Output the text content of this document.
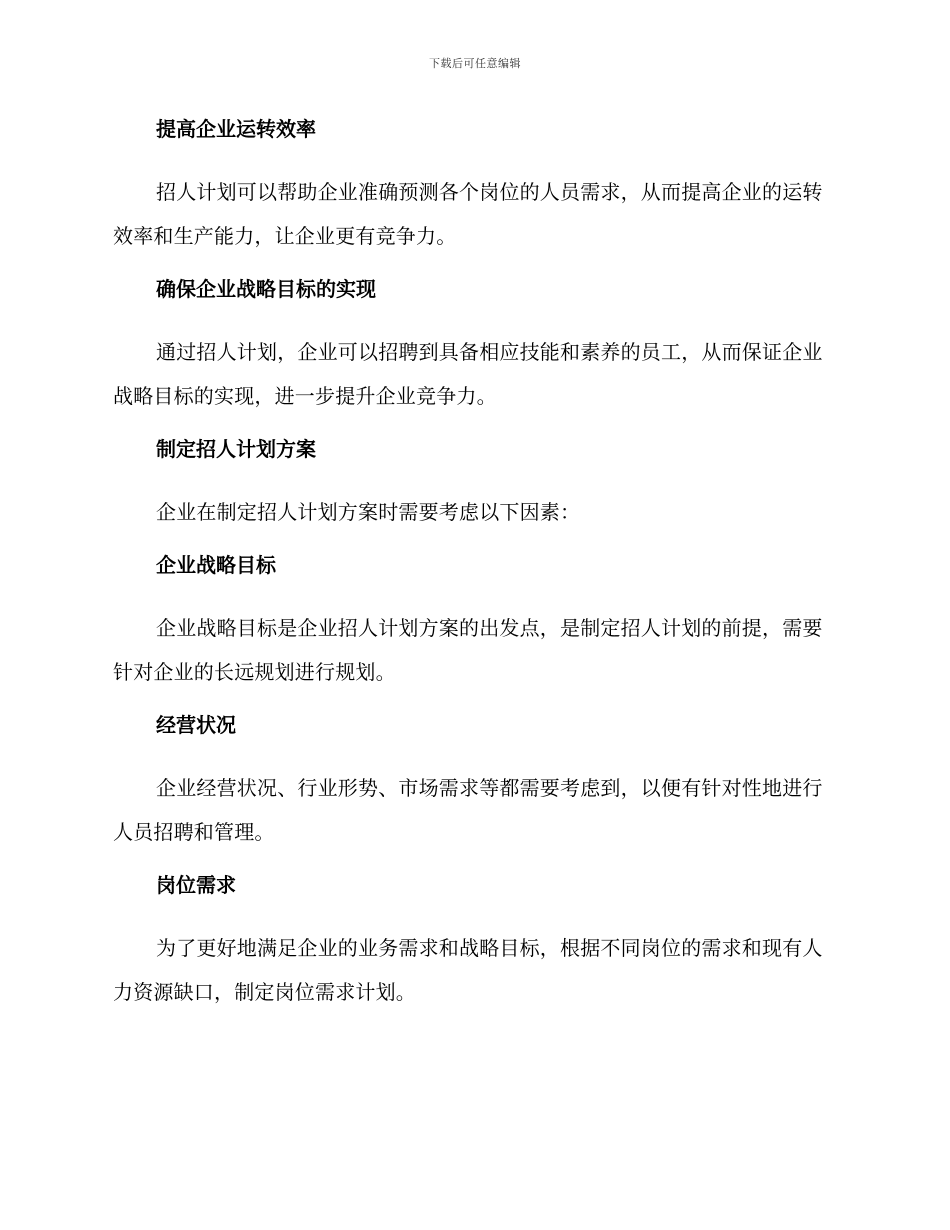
下载后可任意编辑
提高企业运转效率
招人计划可以帮助企业准确预测各个岗位的人员需求，从而提高企业的运转效率和生产能力，让企业更有竞争力。
确保企业战略目标的实现
通过招人计划，企业可以招聘到具备相应技能和素养的员工，从而保证企业战略目标的实现，进一步提升企业竞争力。
制定招人计划方案
企业在制定招人计划方案时需要考虑以下因素：
企业战略目标
企业战略目标是企业招人计划方案的出发点，是制定招人计划的前提，需要针对企业的长远规划进行规划。
经营状况
企业经营状况、行业形势、市场需求等都需要考虑到，以便有针对性地进行人员招聘和管理。
岗位需求
为了更好地满足企业的业务需求和战略目标，根据不同岗位的需求和现有人力资源缺口，制定岗位需求计划。
